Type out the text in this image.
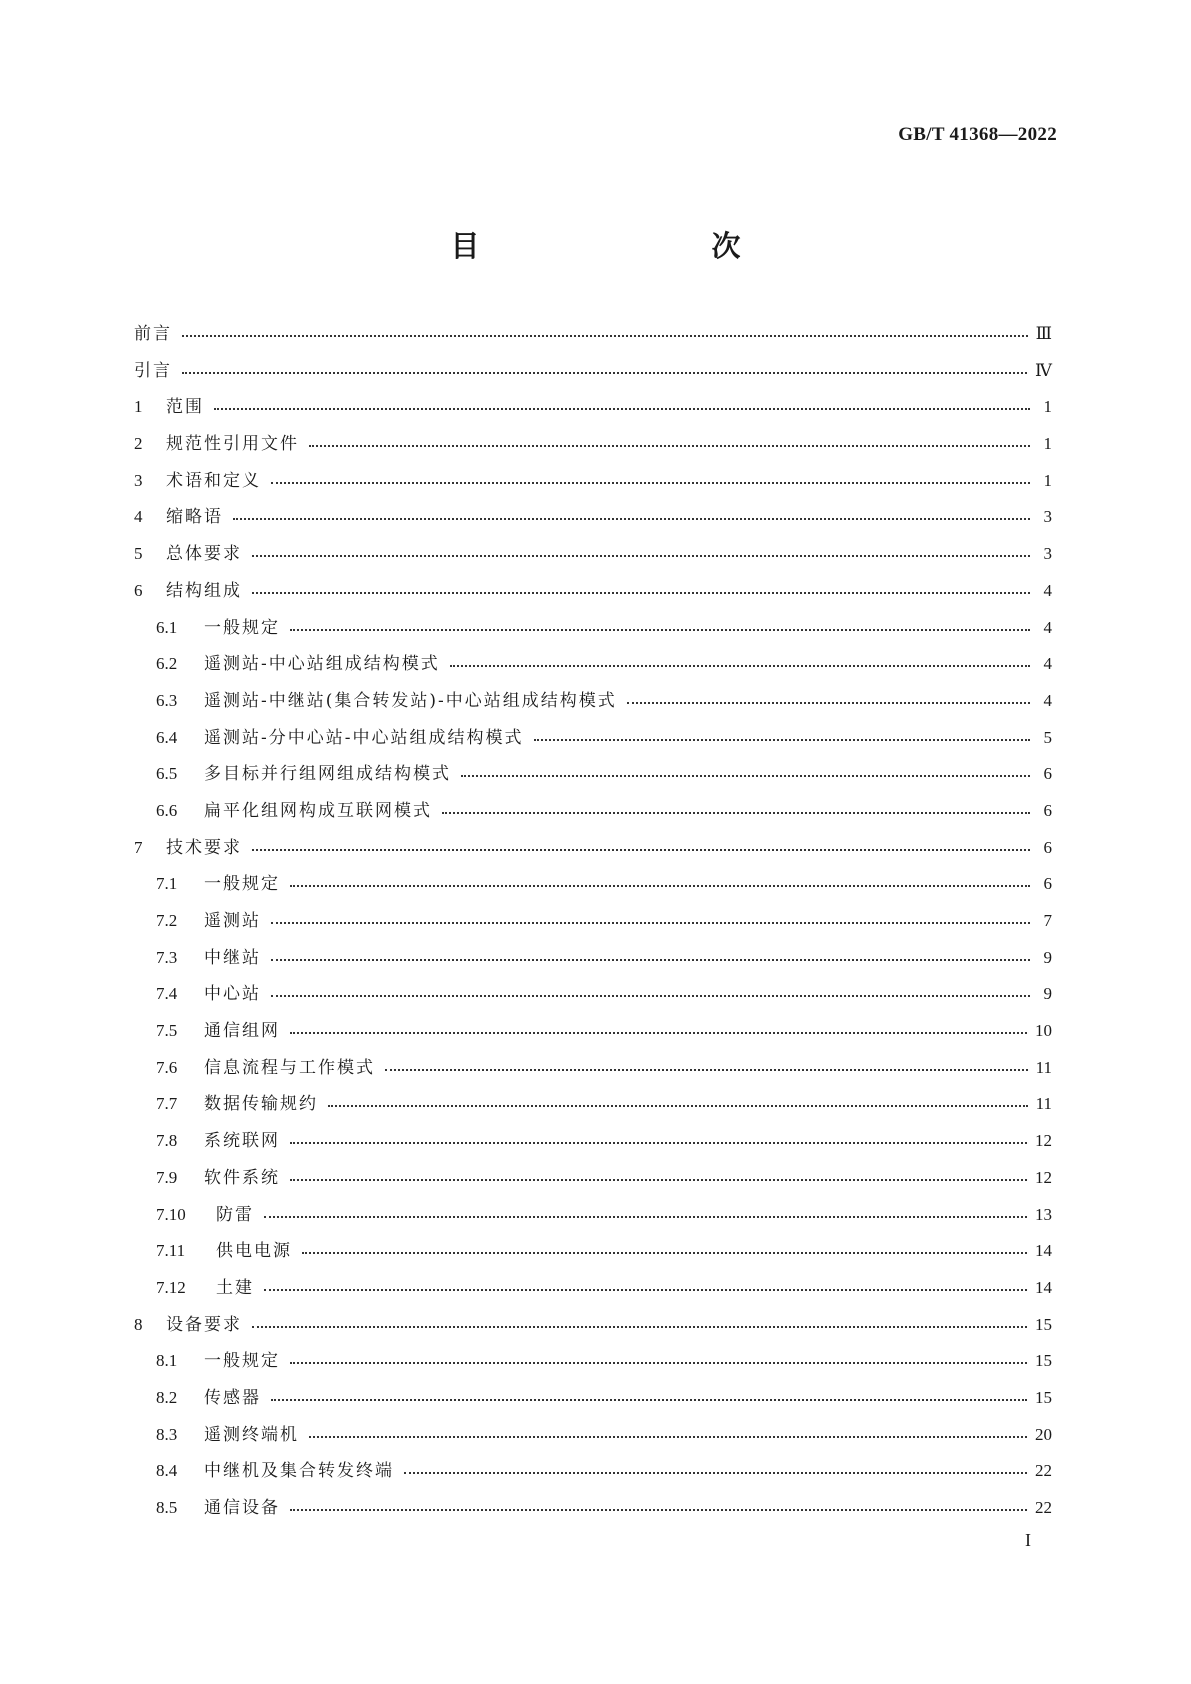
GB/T 41368—2022
目　　次
前言	Ⅲ
引言	Ⅳ
1	范围	1
2	规范性引用文件	1
3	术语和定义	1
4	缩略语	3
5	总体要求	3
6	结构组成	4
6.1	一般规定	4
6.2	遥测站-中心站组成结构模式	4
6.3	遥测站-中继站(集合转发站)-中心站组成结构模式	4
6.4	遥测站-分中心站-中心站组成结构模式	5
6.5	多目标并行组网组成结构模式	6
6.6	扁平化组网构成互联网模式	6
7	技术要求	6
7.1	一般规定	6
7.2	遥测站	7
7.3	中继站	9
7.4	中心站	9
7.5	通信组网	10
7.6	信息流程与工作模式	11
7.7	数据传输规约	11
7.8	系统联网	12
7.9	软件系统	12
7.10	防雷	13
7.11	供电电源	14
7.12	土建	14
8	设备要求	15
8.1	一般规定	15
8.2	传感器	15
8.3	遥测终端机	20
8.4	中继机及集合转发终端	22
8.5	通信设备	22
I
